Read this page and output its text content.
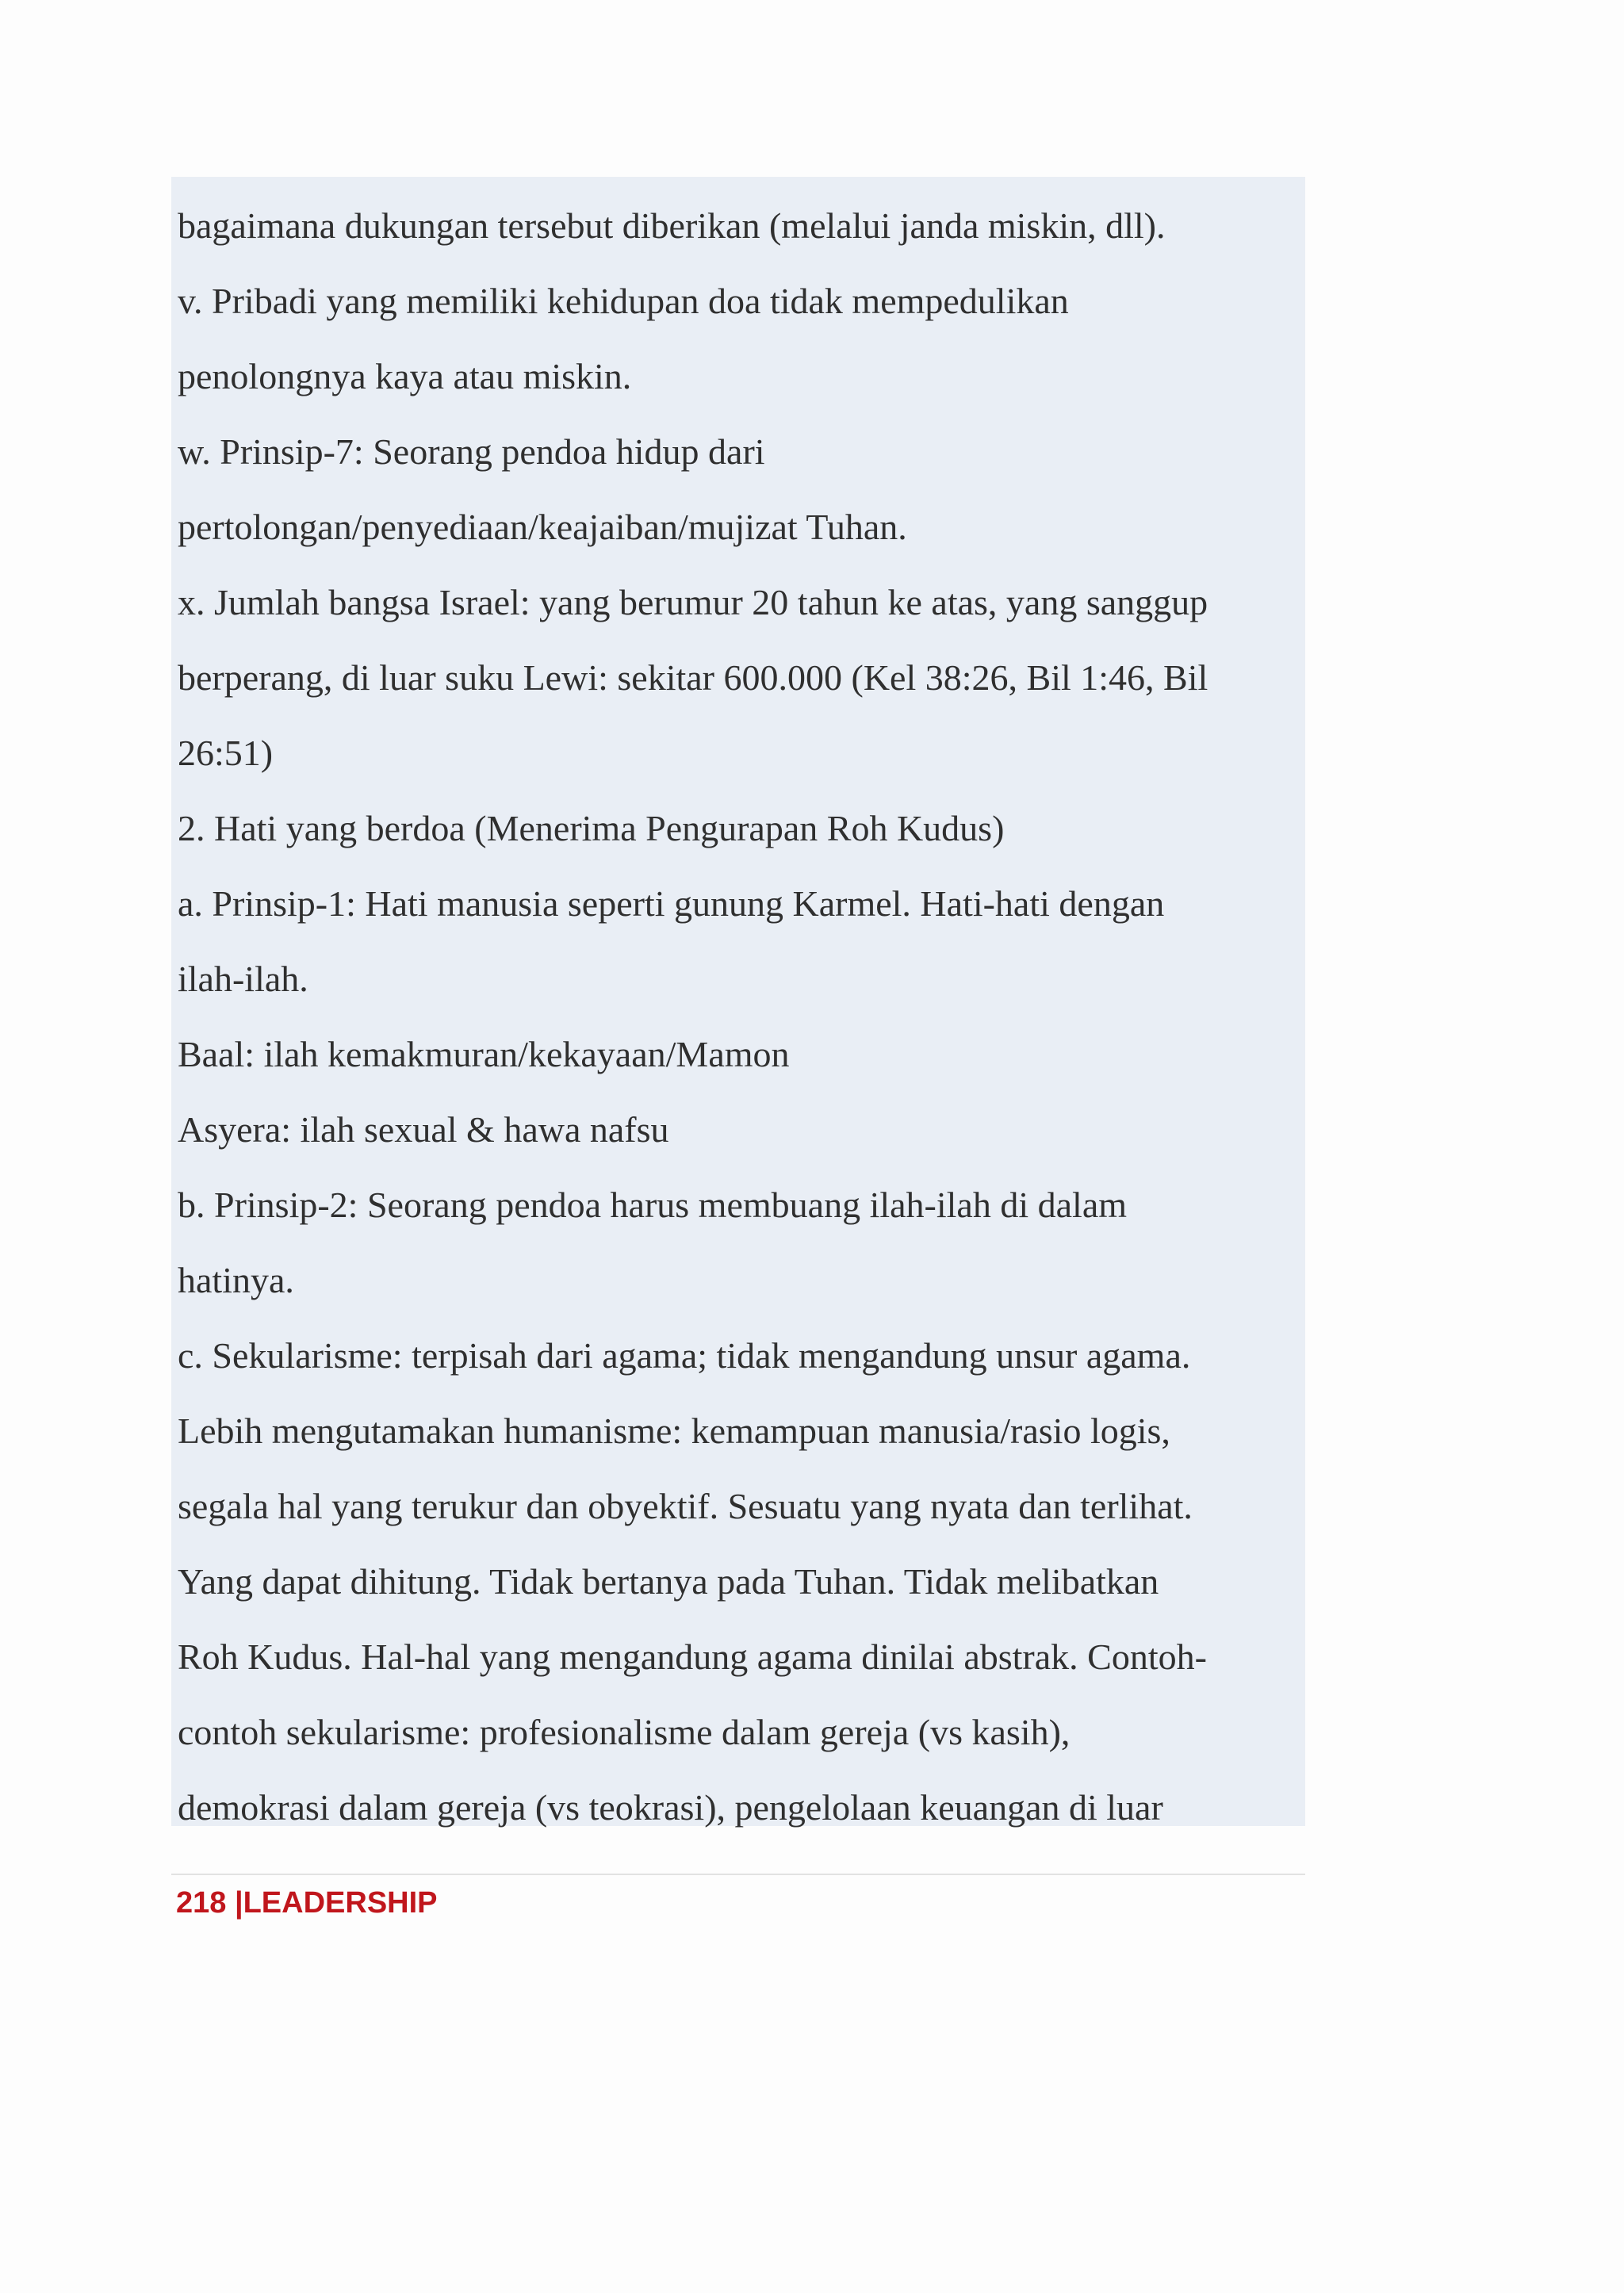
bagaimana dukungan tersebut diberikan (melalui janda miskin, dll).
v. Pribadi yang memiliki kehidupan doa tidak mempedulikan
penolongnya kaya atau miskin.
w. Prinsip-7: Seorang pendoa hidup dari
pertolongan/penyediaan/keajaiban/mujizat Tuhan.
x. Jumlah bangsa Israel: yang berumur 20 tahun ke atas, yang sanggup
berperang, di luar suku Lewi: sekitar 600.000 (Kel 38:26, Bil 1:46, Bil
26:51)
2. Hati yang berdoa (Menerima Pengurapan Roh Kudus)
a. Prinsip-1: Hati manusia seperti gunung Karmel. Hati-hati dengan
ilah-ilah.
Baal: ilah kemakmuran/kekayaan/Mamon
Asyera: ilah sexual & hawa nafsu
b. Prinsip-2: Seorang pendoa harus membuang ilah-ilah di dalam
hatinya.
c. Sekularisme: terpisah dari agama; tidak mengandung unsur agama.
Lebih mengutamakan humanisme: kemampuan manusia/rasio logis,
segala hal yang terukur dan obyektif. Sesuatu yang nyata dan terlihat.
Yang dapat dihitung. Tidak bertanya pada Tuhan. Tidak melibatkan
Roh Kudus. Hal-hal yang mengandung agama dinilai abstrak. Contoh-
contoh sekularisme: profesionalisme dalam gereja (vs kasih),
demokrasi dalam gereja (vs teokrasi), pengelolaan keuangan di luar
218 |LEADERSHIP
